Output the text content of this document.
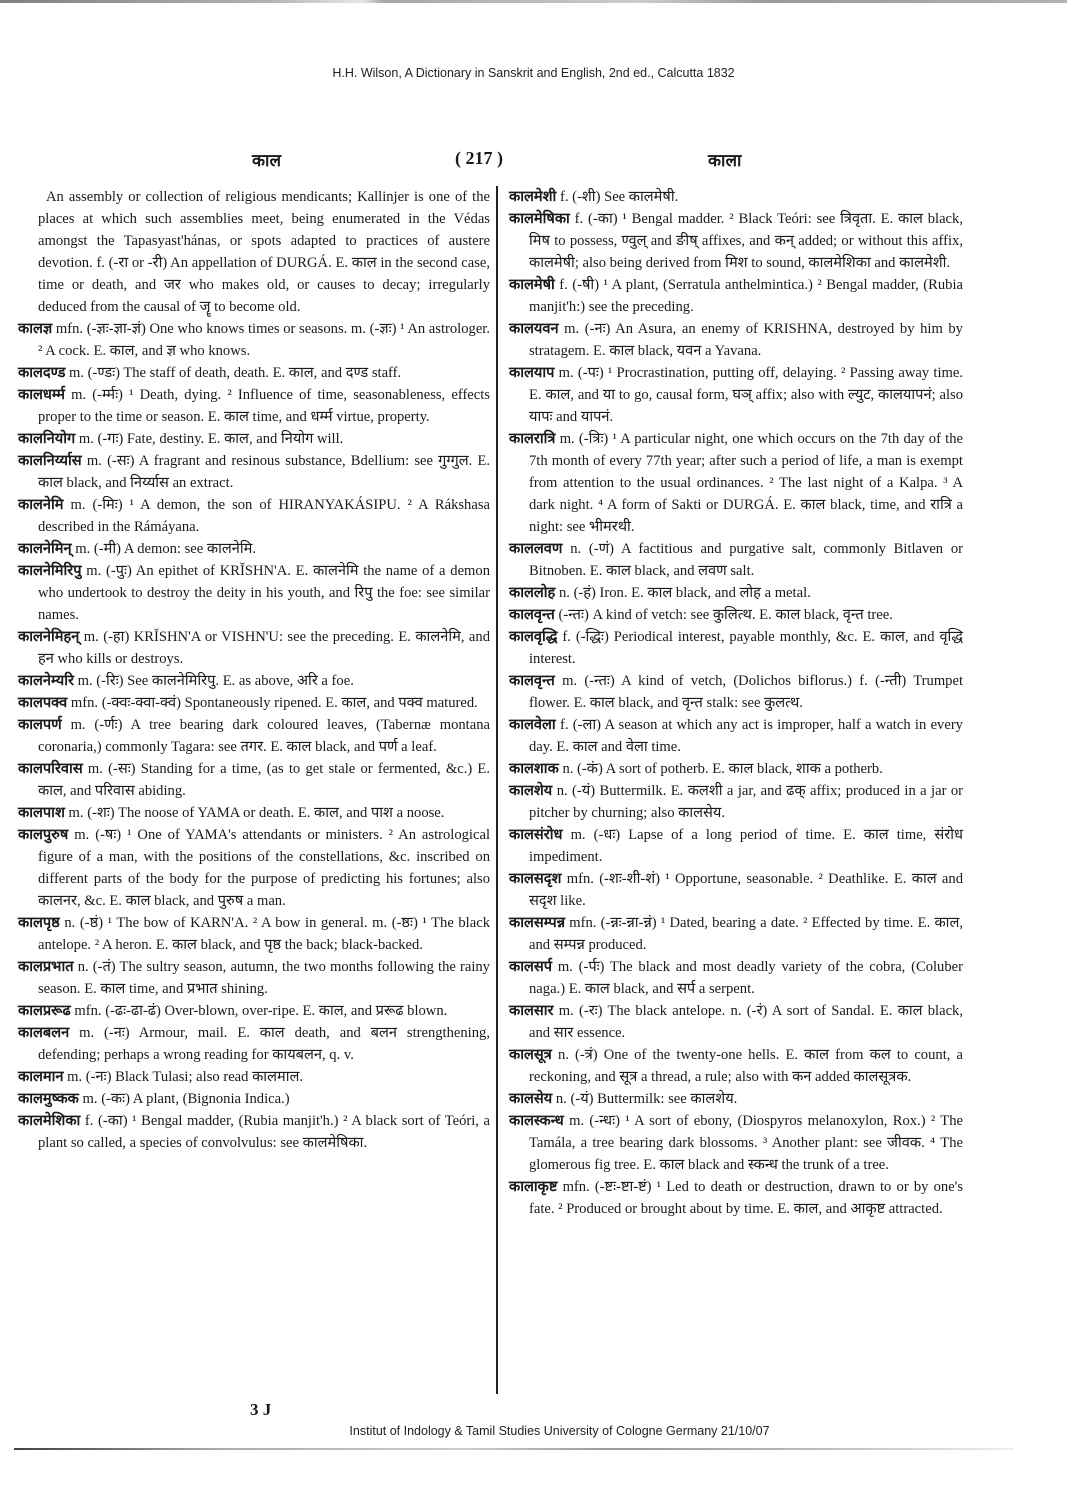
H.H. Wilson, A Dictionary in Sanskrit and English, 2nd ed., Calcutta 1832
काल	( 217 )	काला

An assembly or collection of religious mendicants; Kallinjer is one of the places at which such assemblies meet, being enumerated in the Védas amongst the Tapasyast'hánas, or spots adapted to practices of austere devotion. f. (-रा or -री) An appellation of DURGÁ. E. काल in the second case, time or death, and जर who makes old, or causes to decay; irregularly deduced from the causal of जॄ to become old.

कालज्ञ mfn. (-ज्ञः-ज्ञा-ज्ञं) One who knows times or seasons. m. (-ज्ञः) ¹ An astrologer. ² A cock. E. काल, and ज्ञ who knows.

कालदण्ड m. (-ण्डः) The staff of death, death. E. काल, and दण्ड staff.

कालधर्म्म m. (-र्म्मः) ¹ Death, dying. ² Influence of time, seasonableness, effects proper to the time or season. E. काल time, and धर्म्म virtue, property.

कालनियोग m. (-गः) Fate, destiny. E. काल, and नियोग will.

कालनिर्य्यास m. (-सः) A fragrant and resinous substance, Bdellium: see गुग्गुल. E. काल black, and निर्य्यास an extract.

कालनेमि m. (-मिः) ¹ A demon, the son of HIRANYAKÁSIPU. ² A Rákshasa described in the Rámáyana.

कालनेमिन् m. (-मी) A demon: see कालनेमि.

कालनेमिरिपु m. (-पुः) An epithet of KRĬSHN'A. E. कालनेमि the name of a demon who undertook to destroy the deity in his youth, and रिपु the foe: see similar names.

कालनेमिहन् m. (-हा) KRĬSHN'A or VISHN'U: see the preceding. E. कालनेमि, and हन who kills or destroys.

कालनेम्यरि m. (-रिः) See कालनेमिरिपु. E. as above, अरि a foe.

कालपक्व mfn. (-क्वः-क्वा-क्वं) Spontaneously ripened. E. काल, and पक्व matured.

कालपर्ण m. (-र्णः) A tree bearing dark coloured leaves, (Tabernæ montana coronaria,) commonly Tagara: see तगर. E. काल black, and पर्ण a leaf.

कालपरिवास m. (-सः) Standing for a time, (as to get stale or fermented, &c.) E. काल, and परिवास abiding.

कालपाश m. (-शः) The noose of YAMA or death. E. काल, and पाश a noose.

कालपुरुष m. (-षः) ¹ One of YAMA's attendants or ministers. ² An astrological figure of a man, with the positions of the constellations, &c. inscribed on different parts of the body for the purpose of predicting his fortunes; also कालनर, &c. E. काल black, and पुरुष a man.

कालपृष्ठ n. (-ष्ठं) ¹ The bow of KARN'A. ² A bow in general. m. (-ष्ठः) ¹ The black antelope. ² A heron. E. काल black, and पृष्ठ the back; black-backed.

कालप्रभात n. (-तं) The sultry season, autumn, the two months following the rainy season. E. काल time, and प्रभात shining.

कालप्ररूढ mfn. (-ढः-ढा-ढं) Over-blown, over-ripe. E. काल, and प्ररूढ blown.

कालबलन m. (-नः) Armour, mail. E. काल death, and बलन strengthening, defending; perhaps a wrong reading for कायबलन, q. v.

कालमान m. (-नः) Black Tulasi; also read कालमाल.

कालमुष्कक m. (-कः) A plant, (Bignonia Indica.)

कालमेशिका f. (-का) ¹ Bengal madder, (Rubia manjit'h.) ² A black sort of Teóri, a plant so called, a species of convolvulus: see कालमेषिका.

कालमेशी f. (-शी) See कालमेषी.

कालमेषिका f. (-का) ¹ Bengal madder. ² Black Teóri: see त्रिवृता. E. काल black, मिष to possess, ण्वुल् and ङीष् affixes, and कन् added; or without this affix, कालमेषी; also being derived from मिश to sound, कालमेशिका and कालमेशी.

कालमेषी f. (-षी) ¹ A plant, (Serratula anthelmintica.) ² Bengal madder, (Rubia manjit'h:) see the preceding.

कालयवन m. (-नः) An Asura, an enemy of KRISHNA, destroyed by him by stratagem. E. काल black, यवन a Yavana.

कालयाप m. (-पः) ¹ Procrastination, putting off, delaying. ² Passing away time. E. काल, and या to go, causal form, घञ् affix; also with ल्युट, कालयापनं; also यापः and यापनं.

कालरात्रि m. (-त्रिः) ¹ A particular night, one which occurs on the 7th day of the 7th month of every 77th year; after such a period of life, a man is exempt from attention to the usual ordinances. ² The last night of a Kalpa. ³ A dark night. ⁴ A form of Sakti or DURGÁ. E. काल black, time, and रात्रि a night: see भीमरथी.

काललवण n. (-णं) A factitious and purgative salt, commonly Bitlaven or Bitnoben. E. काल black, and लवण salt.

काललोह n. (-हं) Iron. E. काल black, and लोह a metal.

कालवृन्त (-न्तः) A kind of vetch: see कुलित्थ. E. काल black, वृन्त tree.

कालवृद्धि f. (-द्धिः) Periodical interest, payable monthly, &c. E. काल, and वृद्धि interest.

कालवृन्त m. (-न्तः) A kind of vetch, (Dolichos biflorus.) f. (-न्ती) Trumpet flower. E. काल black, and वृन्त stalk: see कुलत्थ.

कालवेला f. (-ला) A season at which any act is improper, half a watch in every day. E. काल and वेला time.

कालशाक n. (-कं) A sort of potherb. E. काल black, शाक a potherb.

कालशेय n. (-यं) Buttermilk. E. कलशी a jar, and ढक् affix; produced in a jar or pitcher by churning; also कालसेय.

कालसंरोध m. (-धः) Lapse of a long period of time. E. काल time, संरोध impediment.

कालसदृश mfn. (-शः-शी-शं) ¹ Opportune, seasonable. ² Deathlike. E. काल and सदृश like.

कालसम्पन्न mfn. (-न्नः-न्ना-न्नं) ¹ Dated, bearing a date. ² Effected by time. E. काल, and सम्पन्न produced.

कालसर्प m. (-र्पः) The black and most deadly variety of the cobra, (Coluber naga.) E. काल black, and सर्प a serpent.

कालसार m. (-रः) The black antelope. n. (-रं) A sort of Sandal. E. काल black, and सार essence.

कालसूत्र n. (-त्रं) One of the twenty-one hells. E. काल from कल to count, a reckoning, and सूत्र a thread, a rule; also with कन added कालसूत्रक.

कालसेय n. (-यं) Buttermilk: see कालशेय.

कालस्कन्ध m. (-न्धः) ¹ A sort of ebony, (Diospyros melanoxylon, Rox.) ² The Tamála, a tree bearing dark blossoms. ³ Another plant: see जीवक. ⁴ The glomerous fig tree. E. काल black and स्कन्ध the trunk of a tree.

कालाकृष्ट mfn. (-ष्टः-ष्टा-ष्टं) ¹ Led to death or destruction, drawn to or by one's fate. ² Produced or brought about by time. E. काल, and आकृष्ट attracted.

3 J
Institut of Indology & Tamil Studies University of Cologne Germany 21/10/07
